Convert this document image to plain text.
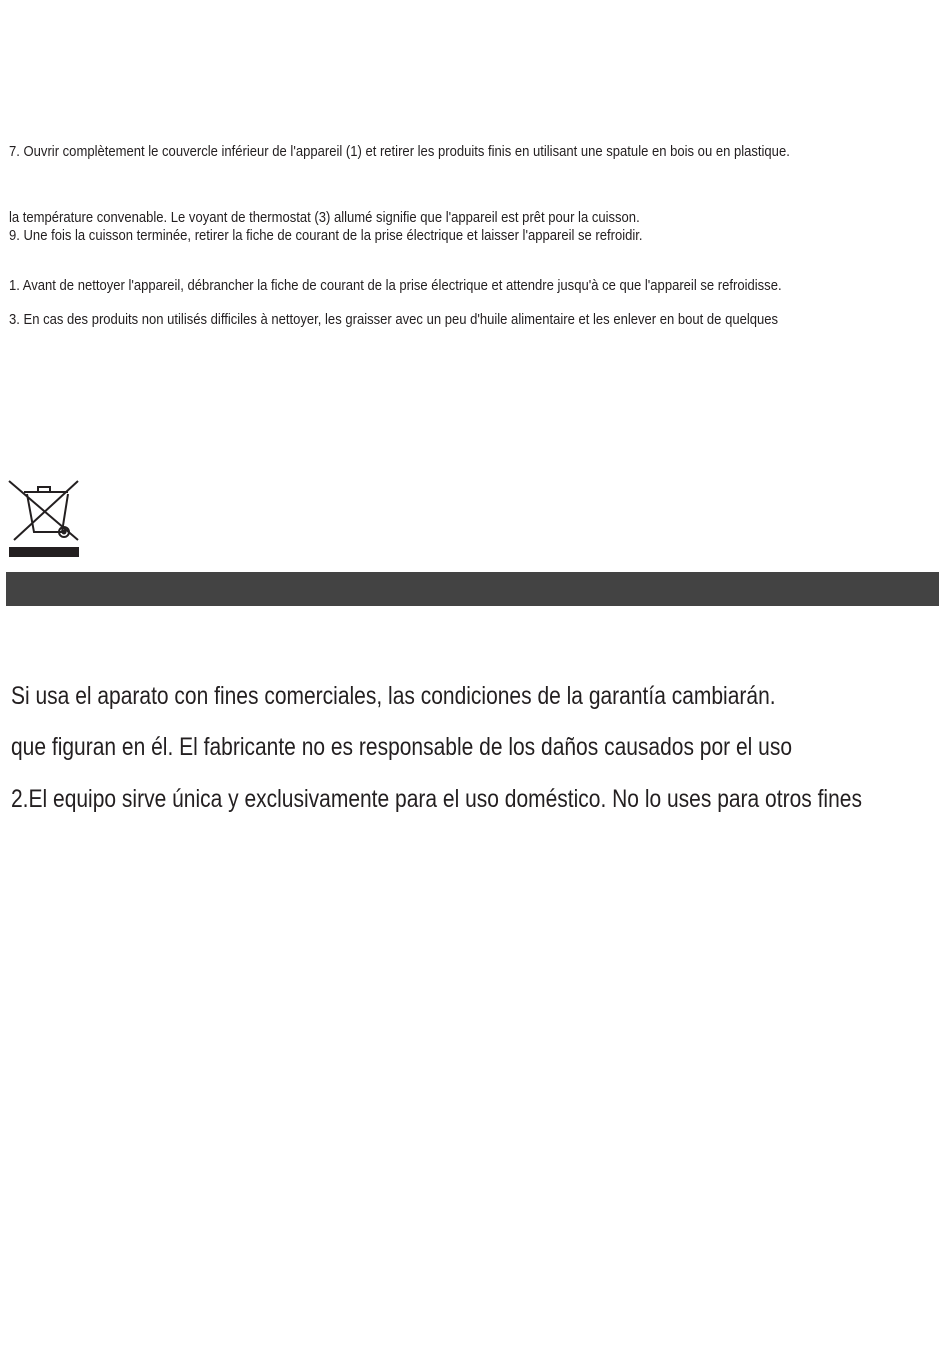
7. Ouvrir complètement le couvercle inférieur de l'appareil (1) et retirer les produits finis en utilisant une spatule en bois ou en plastique.
la température convenable. Le voyant de thermostat (3) allumé signifie que l'appareil est prêt pour la cuisson.
9. Une fois la cuisson terminée, retirer la fiche de courant de la prise électrique et laisser l'appareil se refroidir.
1. Avant de nettoyer l'appareil, débrancher la fiche de courant de la prise électrique et attendre jusqu'à ce que l'appareil se refroidisse.
3. En cas des produits non utilisés difficiles à nettoyer, les graisser avec un peu d'huile alimentaire et les enlever en bout de quelques
Si usa el aparato con fines comerciales, las condiciones de la garantía cambiarán.
que figuran en él. El fabricante no es responsable de los daños causados por el uso
2.El equipo sirve única y exclusivamente para el uso doméstico. No lo uses para otros fines
